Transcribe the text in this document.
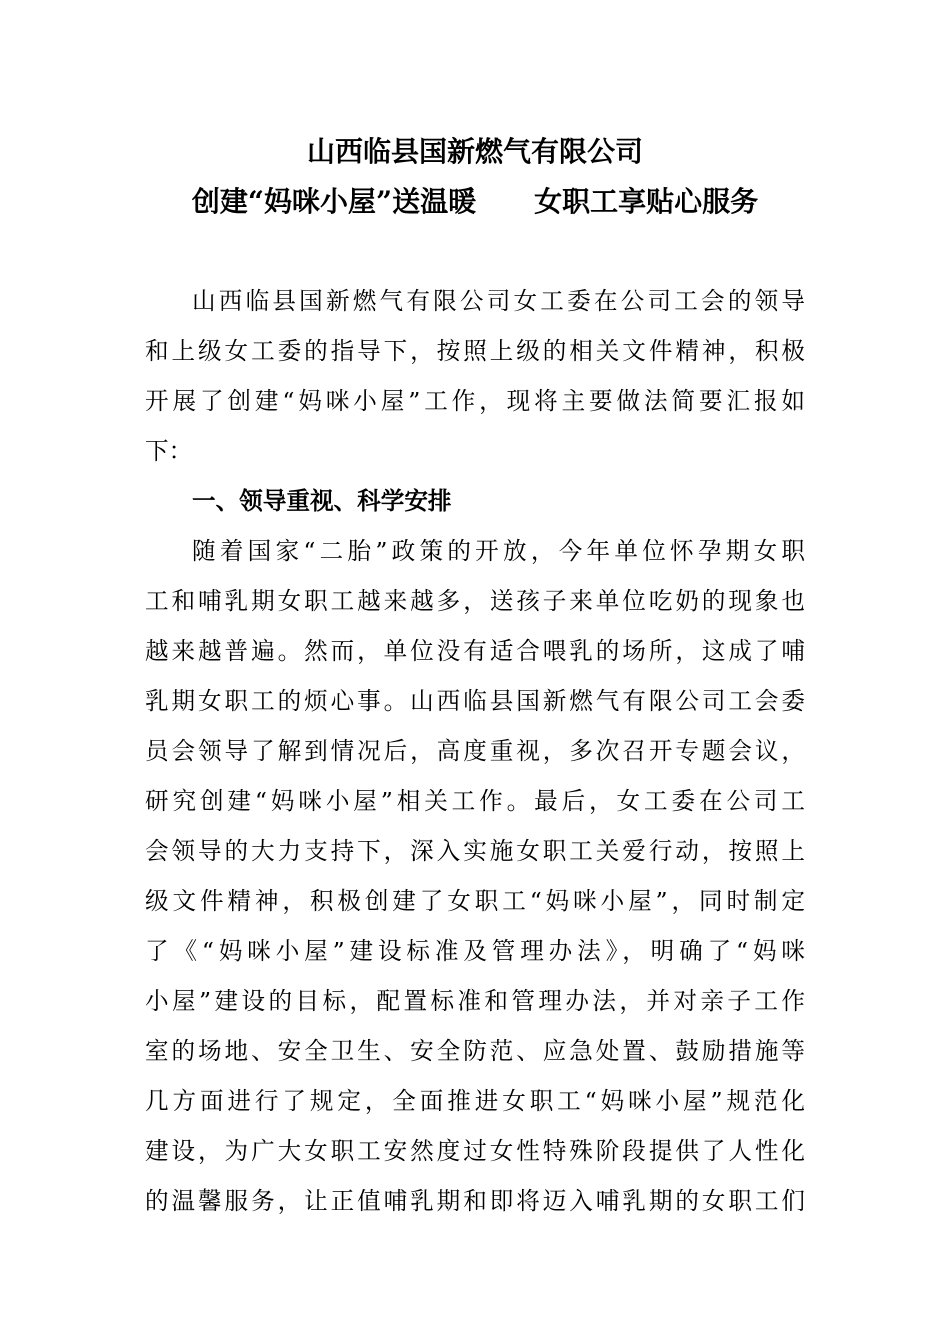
山西临县国新燃气有限公司
创建“妈咪小屋”送温暖 女职工享贴心服务
山西临县国新燃气有限公司女工委在公司工会的领导
和上级女工委的指导下，按照上级的相关文件精神，积极
开展了创建“妈咪小屋”工作，现将主要做法简要汇报如
下：
一、领导重视、科学安排
随着国家“二胎”政策的开放，今年单位怀孕期女职
工和哺乳期女职工越来越多，送孩子来单位吃奶的现象也
越来越普遍。然而，单位没有适合喂乳的场所，这成了哺
乳期女职工的烦心事。山西临县国新燃气有限公司工会委
员会领导了解到情况后，高度重视，多次召开专题会议，
研究创建“妈咪小屋”相关工作。最后，女工委在公司工
会领导的大力支持下，深入实施女职工关爱行动，按照上
级文件精神，积极创建了女职工“妈咪小屋”，同时制定
了《“妈咪小屋”建设标准及管理办法》，明确了“妈咪
小屋”建设的目标，配置标准和管理办法，并对亲子工作
室的场地、安全卫生、安全防范、应急处置、鼓励措施等
几方面进行了规定，全面推进女职工“妈咪小屋”规范化
建设，为广大女职工安然度过女性特殊阶段提供了人性化
的温馨服务，让正值哺乳期和即将迈入哺乳期的女职工们
